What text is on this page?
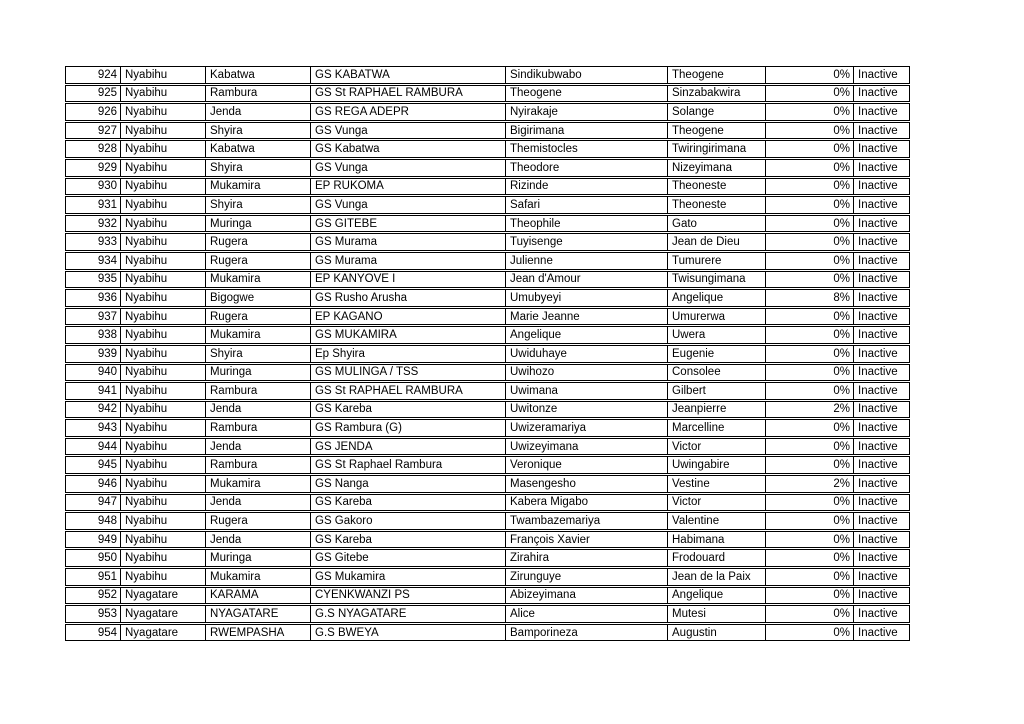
924	Nyabihu	Kabatwa	GS KABATWA	Sindikubwabo	Theogene	0%	Inactive
925	Nyabihu	Rambura	GS St RAPHAEL RAMBURA	Theogene	Sinzabakwira	0%	Inactive
926	Nyabihu	Jenda	GS REGA ADEPR	Nyirakaje	Solange	0%	Inactive
927	Nyabihu	Shyira	GS Vunga	Bigirimana	Theogene	0%	Inactive
928	Nyabihu	Kabatwa	GS Kabatwa	Themistocles	Twiringirimana	0%	Inactive
929	Nyabihu	Shyira	GS Vunga	Theodore	Nizeyimana	0%	Inactive
930	Nyabihu	Mukamira	EP RUKOMA	Rizinde	Theoneste	0%	Inactive
931	Nyabihu	Shyira	GS Vunga	Safari	Theoneste	0%	Inactive
932	Nyabihu	Muringa	GS GITEBE	Theophile	Gato	0%	Inactive
933	Nyabihu	Rugera	GS Murama	Tuyisenge	Jean de Dieu	0%	Inactive
934	Nyabihu	Rugera	GS Murama	Julienne	Tumurere	0%	Inactive
935	Nyabihu	Mukamira	EP KANYOVE I	Jean d'Amour	Twisungimana	0%	Inactive
936	Nyabihu	Bigogwe	GS Rusho Arusha	Umubyeyi	Angelique	8%	Inactive
937	Nyabihu	Rugera	EP KAGANO	Marie Jeanne	Umurerwa	0%	Inactive
938	Nyabihu	Mukamira	GS MUKAMIRA	Angelique	Uwera	0%	Inactive
939	Nyabihu	Shyira	Ep Shyira	Uwiduhaye	Eugenie	0%	Inactive
940	Nyabihu	Muringa	GS MULINGA / TSS	Uwihozo	Consolee	0%	Inactive
941	Nyabihu	Rambura	GS St RAPHAEL RAMBURA	Uwimana	Gilbert	0%	Inactive
942	Nyabihu	Jenda	GS Kareba	Uwitonze	Jeanpierre	2%	Inactive
943	Nyabihu	Rambura	GS Rambura (G)	Uwizeramariya	Marcelline	0%	Inactive
944	Nyabihu	Jenda	GS JENDA	Uwizeyimana	Victor	0%	Inactive
945	Nyabihu	Rambura	GS St Raphael Rambura	Veronique	Uwingabire	0%	Inactive
946	Nyabihu	Mukamira	GS Nanga	Masengesho	Vestine	2%	Inactive
947	Nyabihu	Jenda	GS Kareba	Kabera Migabo	Victor	0%	Inactive
948	Nyabihu	Rugera	GS Gakoro	Twambazemariya	Valentine	0%	Inactive
949	Nyabihu	Jenda	GS Kareba	François Xavier	Habimana	0%	Inactive
950	Nyabihu	Muringa	GS Gitebe	Zirahira	Frodouard	0%	Inactive
951	Nyabihu	Mukamira	GS Mukamira	Zirunguye	Jean de la Paix	0%	Inactive
952	Nyagatare	KARAMA	CYENKWANZI PS	Abizeyimana	Angelique	0%	Inactive
953	Nyagatare	NYAGATARE	G.S NYAGATARE	Alice	Mutesi	0%	Inactive
954	Nyagatare	RWEMPASHA	G.S BWEYA	Bamporineza	Augustin	0%	Inactive
